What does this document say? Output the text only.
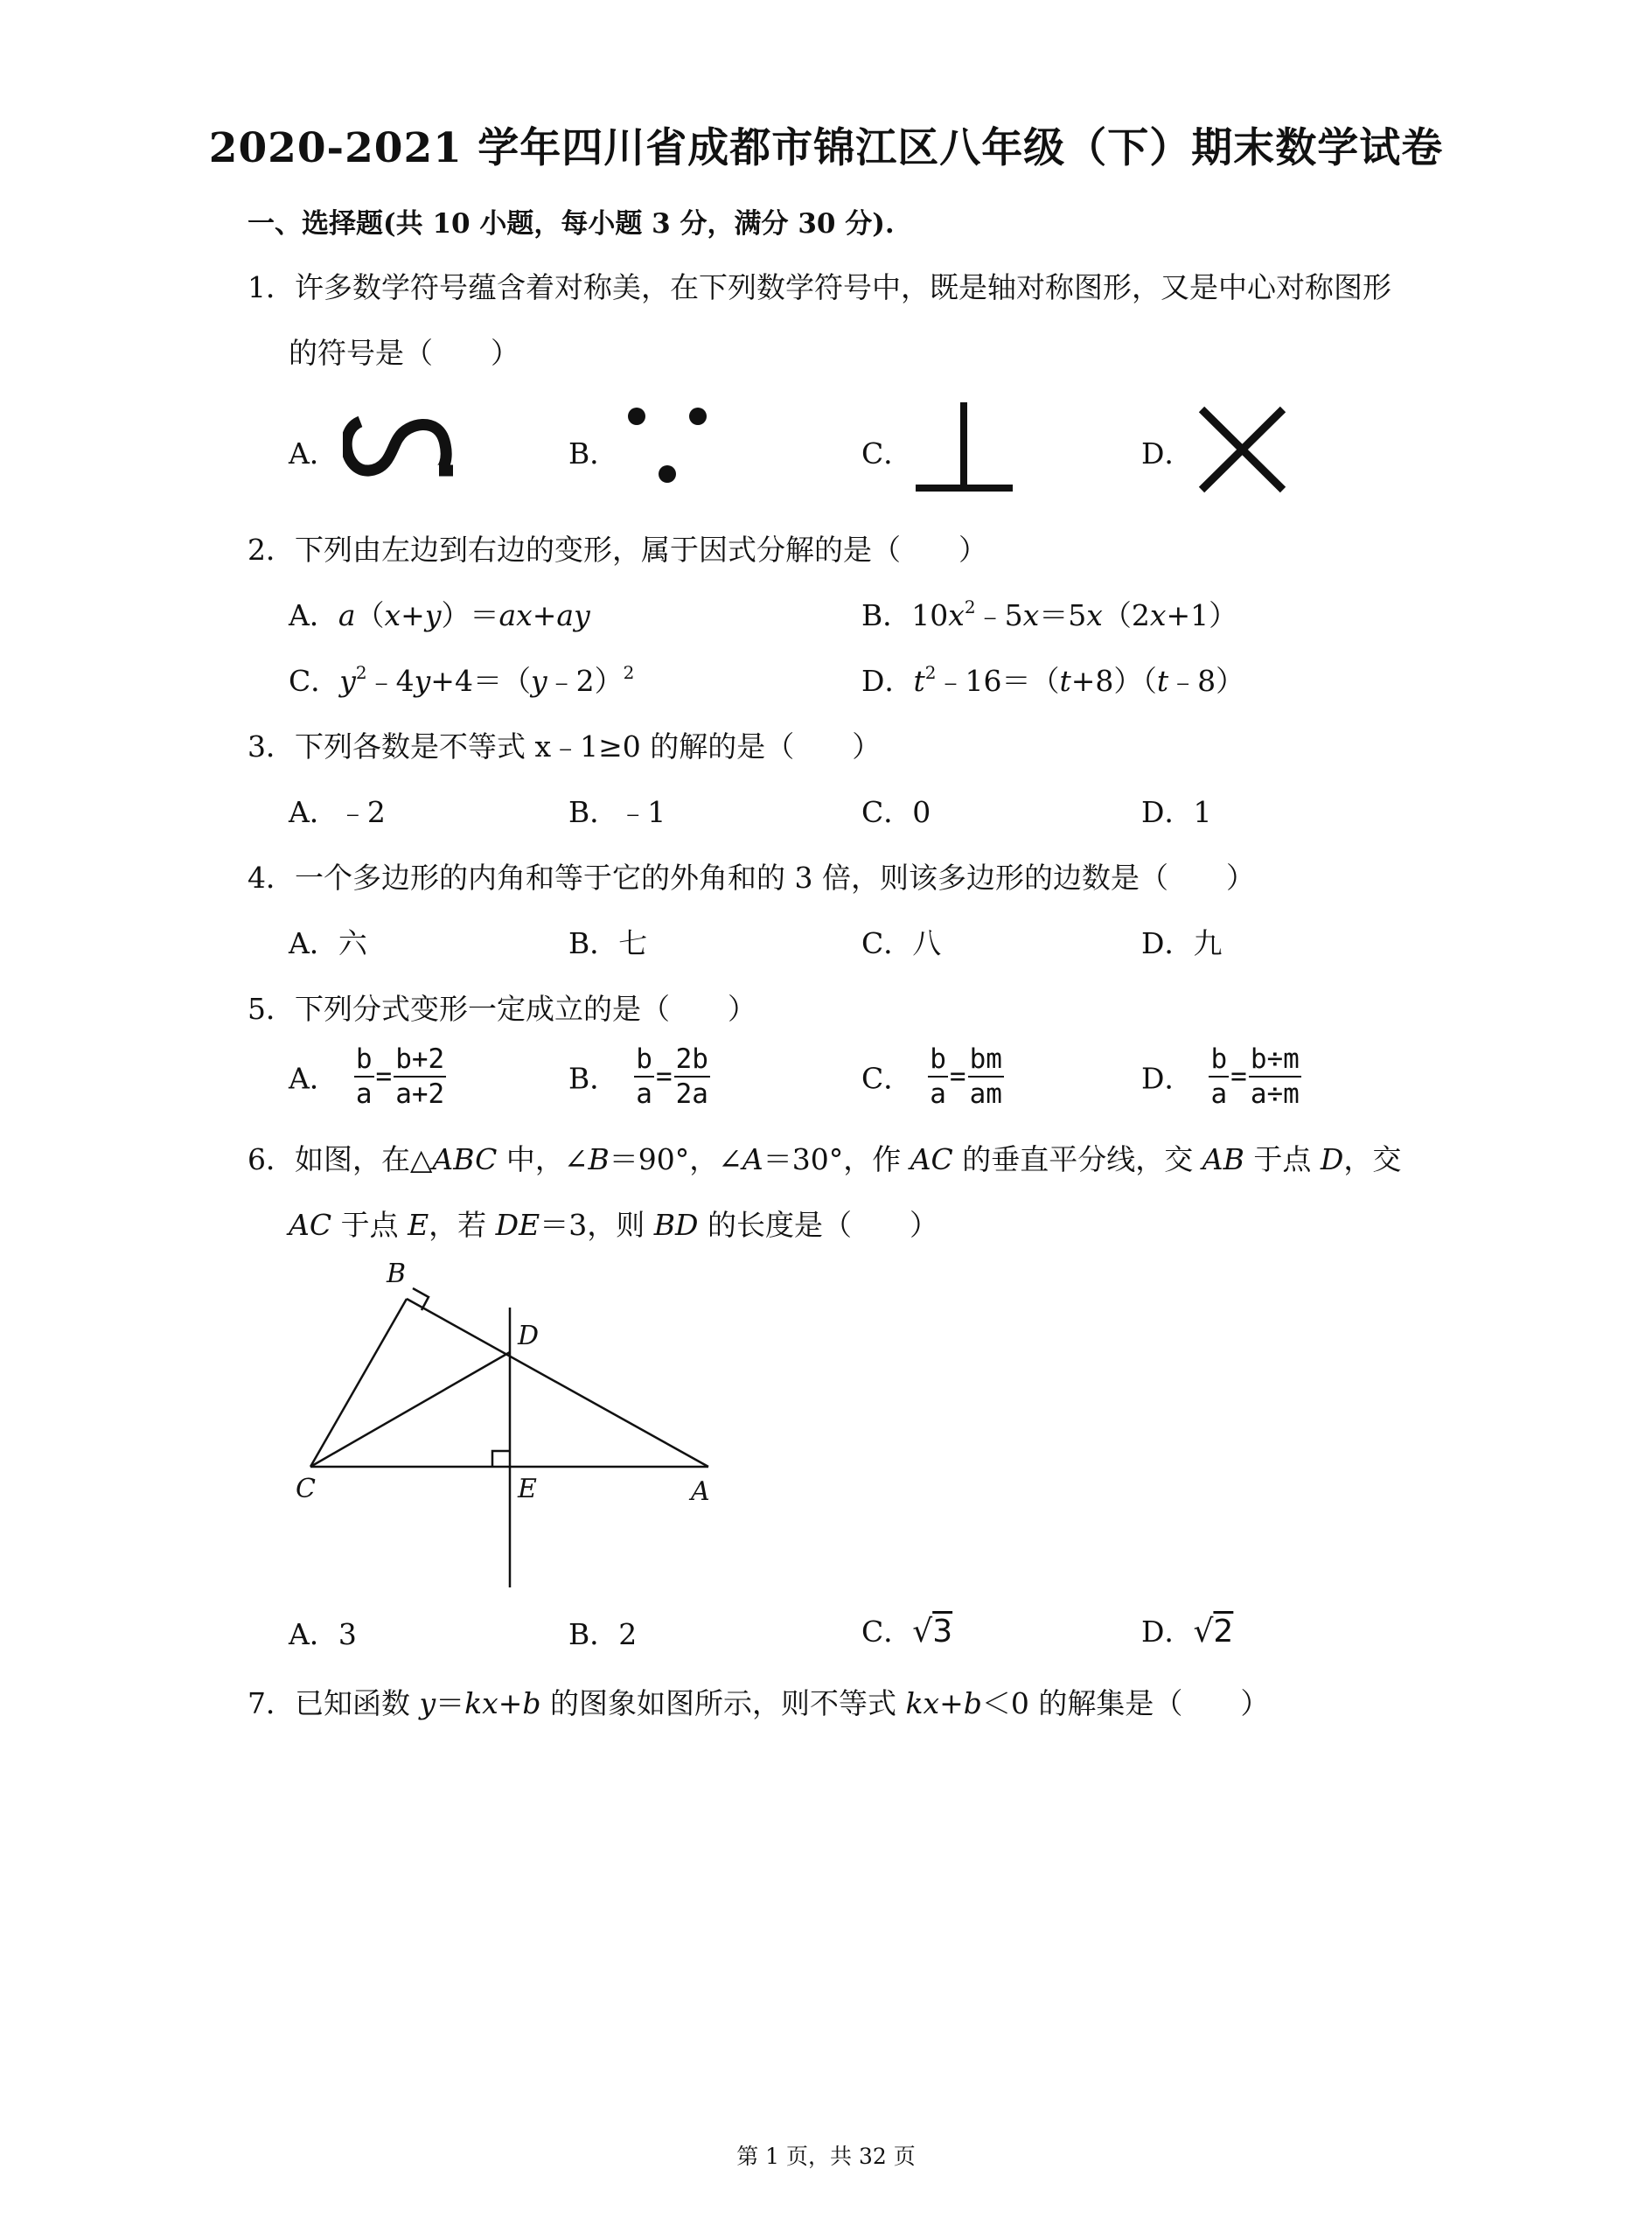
2020-2021 学年四川省成都市锦江区八年级（下）期末数学试卷
一、选择题(共 10 小题，每小题 3 分，满分 30 分).
1．许多数学符号蕴含着对称美，在下列数学符号中，既是轴对称图形，又是中心对称图形
的符号是（　　）
A．	B．	C．	D．
2．下列由左边到右边的变形，属于因式分解的是（　　）
A．a（x+y）＝ax+ay	B．$10x^2﹣5x=5x(2x+1)$
C．$y^2﹣4y+4=(y﹣2)^2$	D．$t^2﹣16=(t+8)(t﹣8)$
3．下列各数是不等式 x﹣1≥0 的解的是（　　）
A．﹣2	B．﹣1	C．0	D．1
4．一个多边形的内角和等于它的外角和的 3 倍，则该多边形的边数是（　　）
A．六	B．七	C．八	D．九
5．下列分式变形一定成立的是（　　）
A． $\frac{b}{a} = \frac{b+2}{a+2}$	B． $\frac{b}{a} = \frac{2b}{2a}$	C． $\frac{b}{a} = \frac{bm}{am}$	D． $\frac{b}{a} = \frac{b\div m}{a\div m}$
6．如图，在△ABC 中，∠B＝90°，∠A＝30°，作 AC 的垂直平分线，交 AB 于点 D，交
AC 于点 E，若 DE＝3，则 BD 的长度是（　　）
B
D
C	E	A
A．3	B．2	C．√3	D．√2
7．已知函数 y＝kx+b 的图象如图所示，则不等式 kx+b＜0 的解集是（　　）
第 1 页，共 32 页
